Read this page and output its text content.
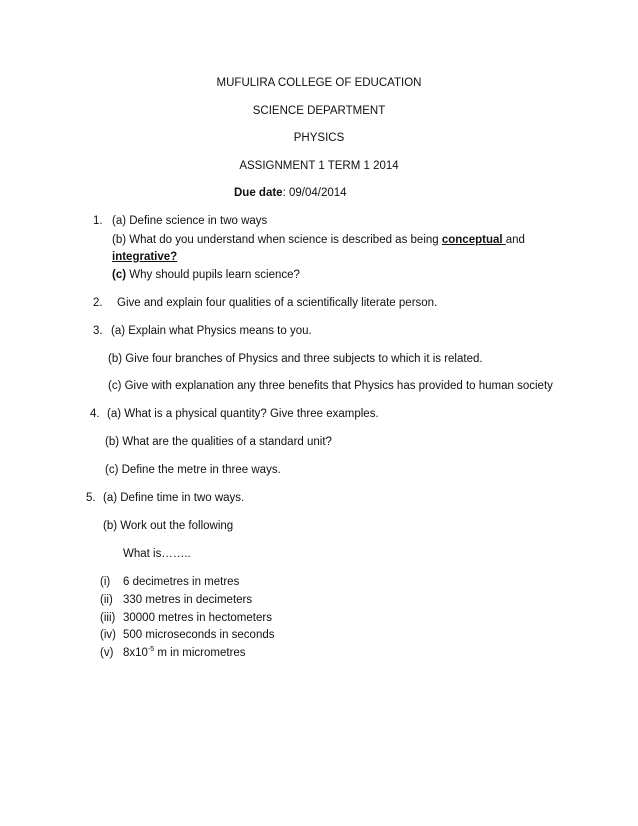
MUFULIRA COLLEGE OF EDUCATION
SCIENCE DEPARTMENT
PHYSICS
ASSIGNMENT 1 TERM 1 2014
Due date: 09/04/2014
1. (a) Define science in two ways
(b) What do you understand when science is described as being conceptual and
integrative?
(c) Why should pupils learn science?
2. Give and explain four qualities of a scientifically literate person.
3. (a) Explain what Physics means to you.
(b) Give four branches of Physics and three subjects to which it is related.
(c) Give with explanation any three benefits that Physics has provided to human society
4. (a) What is a physical quantity? Give three examples.
(b) What are the qualities of a standard unit?
(c) Define the metre in three ways.
5. (a) Define time in two ways.
(b) Work out the following
What is……..
(i) 6 decimetres in metres
(ii) 330 metres in decimeters
(iii) 30000 metres in hectometers
(iv) 500 microseconds in seconds
(v) $8x10^{-5}$ m in micrometres
